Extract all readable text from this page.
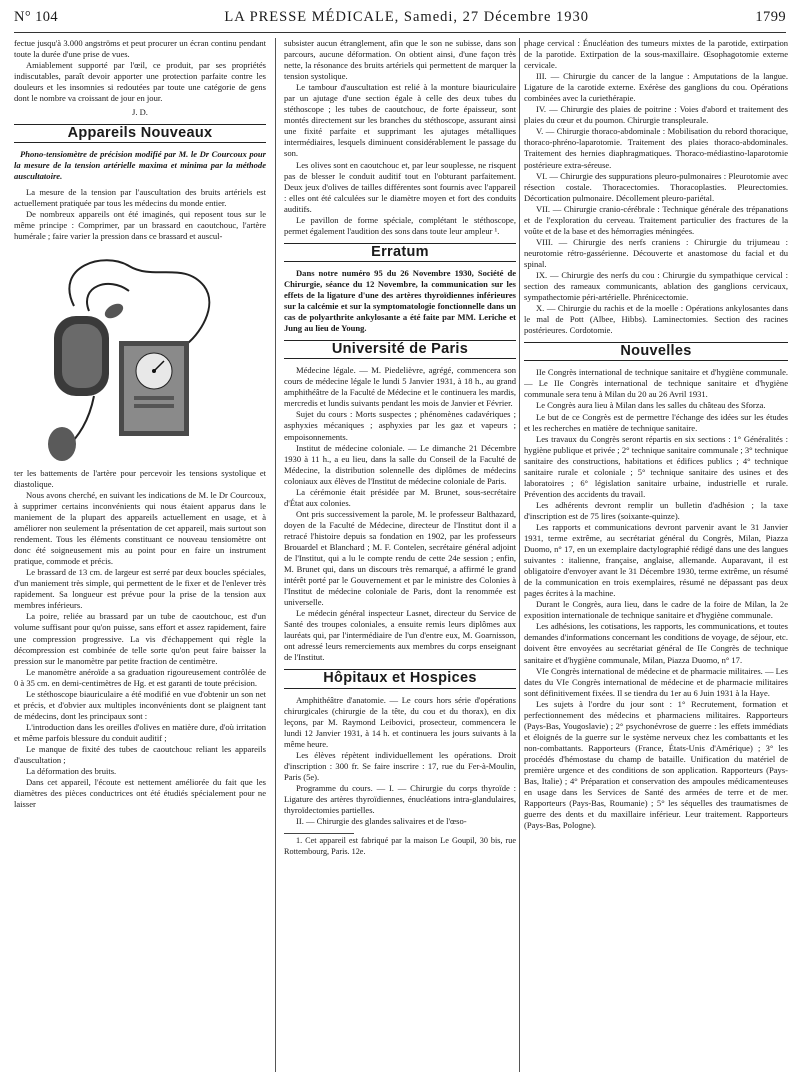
N° 104	LA PRESSE MÉDICALE, Samedi, 27 Décembre 1930	1799

fectue jusqu'à 3.000 angströms et peut procurer un écran continu pendant toute la durée d'une prise de vues.

Amiablement supporté par l'œil, ce produit, par ses propriétés indiscutables, paraît devoir apporter une protection parfaite contre les douleurs et les insomnies si redoutées par toute une catégorie de gens dont le nombre va croissant de jour en jour.

J. D.

Appareils Nouveaux

Phono-tensiomètre de précision modifié par M. le Dr Courcoux pour la mesure de la tension artérielle maxima et minima par la méthode auscultatoire.

La mesure de la tension par l'auscultation des bruits artériels est actuellement pratiquée par tous les médecins du monde entier.

De nombreux appareils ont été imaginés, qui reposent tous sur le même principe : Comprimer, par un brassard en caoutchouc, l'artère humérale ; faire varier la pression dans ce brassard et auscul-

ter les battements de l'artère pour percevoir les tensions systolique et diastolique.

Nous avons cherché, en suivant les indications de M. le Dr Courcoux, à supprimer certains inconvénients qui nous étaient apparus dans le maniement de la plupart des appareils actuellement en usage, et à améliorer non seulement la présentation de cet appareil, mais surtout son rendement. Tous les éléments constituant ce nouveau tensiomètre ont donc été soigneusement mis au point pour en faire un instrument pratique, commode et précis.

Le brassard de 13 cm. de largeur est serré par deux boucles spéciales, d'un maniement très simple, qui permettent de le fixer et de l'enlever très rapidement. Sa longueur est prévue pour la prise de la tension aux membres inférieurs.

La poire, reliée au brassard par un tube de caoutchouc, est d'un volume suffisant pour qu'on puisse, sans effort et assez rapidement, faire une compression progressive. La vis d'échappement qui règle la décompression est combinée de telle sorte qu'on peut faire baisser la pression sur le manomètre par petite fraction de centimètre.

Le manomètre anéroïde a sa graduation rigoureusement contrôlée de 0 à 35 cm. en demi-centimètres de Hg. et est garanti de toute précision.

Le stéthoscope biauriculaire a été modifié en vue d'obtenir un son net et précis, et d'obvier aux multiples inconvénients dont se plaignent tant de médecins, dont les principaux sont :

L'introduction dans les oreilles d'olives en matière dure, d'où irritation et même parfois blessure du conduit auditif ;

Le manque de fixité des tubes de caoutchouc reliant les appareils d'auscultation ;

La déformation des bruits.

Dans cet appareil, l'écoute est nettement améliorée du fait que les diamètres des pièces conductrices ont été étudiés spécialement pour ne laisser

subsister aucun étranglement, afin que le son ne subisse, dans son parcours, aucune déformation. On obtient ainsi, d'une façon très nette, la résonance des bruits artériels qui permettent de marquer la tension systolique.

Le tambour d'auscultation est relié à la monture biauriculaire par un ajutage d'une section égale à celle des deux tubes du stéthoscope ; les tubes de caoutchouc, de forte épaisseur, sont montés directement sur les branches du stéthoscope, assurant ainsi une fixité parfaite et supprimant les ajutages métalliques intermédiaires, lesquels diminuent considérablement le passage du son.

Les olives sont en caoutchouc et, par leur souplesse, ne risquent pas de blesser le conduit auditif tout en l'obturant parfaitement. Deux jeux d'olives de tailles différentes sont fournis avec l'appareil : elles ont été calculées sur le diamètre moyen et fort des conduits auditifs.

Le pavillon de forme spéciale, complétant le stéthoscope, permet également l'audition des sons dans toute leur ampleur ¹.

Erratum

Dans notre numéro 95 du 26 Novembre 1930, Société de Chirurgie, séance du 12 Novembre, la communication sur les effets de la ligature d'une des artères thyroïdiennes inférieures sur la calcémie et sur la symptomatologie fonctionnelle dans un cas de polyarthrite ankylosante a été faite par MM. Leriche et Jung au lieu de Young.

Université de Paris

Médecine légale. — M. Piedelièvre, agrégé, commencera son cours de médecine légale le lundi 5 Janvier 1931, à 18 h., au grand amphithéâtre de la Faculté de Médecine et le continuera les mardis, mercredis et lundis suivants pendant les mois de Janvier et Février.

Sujet du cours : Morts suspectes ; phénomènes cadavériques ; asphyxies mécaniques ; asphyxies par les gaz et vapeurs ; empoisonnements.

Institut de médecine coloniale. — Le dimanche 21 Décembre 1930 à 11 h., a eu lieu, dans la salle du Conseil de la Faculté de Médecine, la distribution solennelle des diplômes de médecins coloniaux aux élèves de l'Institut de médecine coloniale de Paris.

La cérémonie était présidée par M. Brunet, sous-secrétaire d'État aux colonies.

Ont pris successivement la parole, M. le professeur Balthazard, doyen de la Faculté de Médecine, directeur de l'Institut dont il a retracé l'histoire depuis sa fondation en 1902, par les professeurs Brouardel et Blanchard ; M. F. Contelen, secrétaire général adjoint de l'Institut, qui a lu le compte rendu de cette 24e session ; enfin, M. Brunet qui, dans un discours très remarqué, a affirmé le grand intérêt porté par le Gouvernement et par le ministre des Colonies à l'Institut de médecine coloniale de Paris, dont la renommée est universelle.

Le médecin général inspecteur Lasnet, directeur du Service de Santé des troupes coloniales, a ensuite remis leurs diplômes aux lauréats qui, par l'intermédiaire de l'un d'entre eux, M. Goarnisson, ont adressé leurs remerciements aux membres du corps enseignant de l'Institut.

Hôpitaux et Hospices

Amphithéâtre d'anatomie. — Le cours hors série d'opérations chirurgicales (chirurgie de la tête, du cou et du thorax), en dix leçons, par M. Raymond Leibovici, prosecteur, commencera le lundi 12 Janvier 1931, à 14 h. et continuera les jours suivants à la même heure.

Les élèves répètent individuellement les opérations. Droit d'inscription : 300 fr. Se faire inscrire : 17, rue du Fer-à-Moulin, Paris (5e).

Programme du cours. — I. — Chirurgie du corps thyroïde : Ligature des artères thyroïdiennes, énucléations intra-glandulaires, thyroïdectomies partielles.

II. — Chirurgie des glandes salivaires et de l'œso-

1. Cet appareil est fabriqué par la maison Le Goupil, 30 bis, rue Rottembourg, Paris. 12e.

phage cervical : Énucléation des tumeurs mixtes de la parotide, extirpation de la parotide. Extirpation de la sous-maxillaire. Œsophagotomie externe cervicale.

III. — Chirurgie du cancer de la langue : Amputations de la langue. Ligature de la carotide externe. Exérèse des ganglions du cou. Opérations combinées avec la curiethérapie.

IV. — Chirurgie des plaies de poitrine : Voies d'abord et traitement des plaies du cœur et du poumon. Chirurgie transpleurale.

V. — Chirurgie thoraco-abdominale : Mobilisation du rebord thoracique, thoraco-phréno-laparotomie. Traitement des plaies thoraco-abdominales. Traitement des hernies diaphragmatiques. Thoraco-médiastino-laparotomie postérieure extra-séreuse.

VI. — Chirurgie des suppurations pleuro-pulmonaires : Pleurotomie avec résection costale. Thoracectomies. Thoracoplasties. Pleurectomies. Décortication pulmonaire. Décollement pleuro-pariétal.

VII. — Chirurgie cranio-cérébrale : Technique générale des trépanations et de l'exploration du cerveau. Traitement particulier des fractures de la voûte et de la base et des hémorragies méningées.

VIII. — Chirurgie des nerfs craniens : Chirurgie du trijumeau : neurotomie rétro-gassérienne. Découverte et anastomose du facial et du spinal.

IX. — Chirurgie des nerfs du cou : Chirurgie du sympathique cervical : section des rameaux communicants, ablation des ganglions cervicaux, sympathectomie péri-artérielle. Phrénicectomie.

X. — Chirurgie du rachis et de la moelle : Opérations ankylosantes dans le mal de Pott (Albee, Hibbs). Laminectomies. Section des racines postérieures. Cordotomie.

Nouvelles

IIe Congrès international de technique sanitaire et d'hygiène communale. — Le IIe Congrès international de technique sanitaire et d'hygiène communale sera tenu à Milan du 20 au 26 Avril 1931.

Le Congrès aura lieu à Milan dans les salles du château des Sforza.

Le but de ce Congrès est de permettre l'échange des idées sur les études et les recherches en matière de technique sanitaire.

Les travaux du Congrès seront répartis en six sections : 1° Généralités : hygiène publique et privée ; 2° technique sanitaire communale ; 3° technique sanitaire des constructions, habitations et édifices publics ; 4° technique sanitaire rurale et coloniale ; 5° technique sanitaire des usines et des laboratoires ; 6° législation sanitaire urbaine, industrielle et rurale. Prévention des accidents du travail.

Les adhérents devront remplir un bulletin d'adhésion ; la taxe d'inscription est de 75 lires (soixante-quinze).

Les rapports et communications devront parvenir avant le 31 Janvier 1931, terme extrême, au secrétariat général du Congrès, Milan, Piazza Duomo, n° 17, en un exemplaire dactylographié rédigé dans une des langues suivantes : italienne, française, anglaise, allemande. Auparavant, il est obligatoire d'envoyer avant le 31 Décembre 1930, terme extrême, un résumé de la communication en trois exemplaires, résumé ne dépassant pas deux pages écrites à la machine.

Durant le Congrès, aura lieu, dans le cadre de la foire de Milan, la 2e exposition internationale de technique sanitaire et d'hygiène communale.

Les adhésions, les cotisations, les rapports, les communications, et toutes demandes d'informations concernant les conditions de voyage, de séjour, etc. doivent être envoyées au secrétariat général de IIe Congrès de technique sanitaire et d'hygiène communale, Milan, Piazza Duomo, n° 17.

VIe Congrès international de médecine et de pharmacie militaires. — Les dates du VIe Congrès international de médecine et de pharmacie militaires sont définitivement fixées. Il se tiendra du 1er au 6 Juin 1931 à la Haye.

Les sujets à l'ordre du jour sont : 1° Recrutement, formation et perfectionnement des médecins et pharmaciens militaires. Rapporteurs (Pays-Bas, Yougoslavie) ; 2° psychonévrose de guerre : les effets immédiats et éloignés de la guerre sur le système nerveux chez les combattants et les non-combattants. Rapporteurs (France, États-Unis d'Amérique) ; 3° les procédés d'hémostase du champ de bataille. Unification du matériel de première urgence et des conditions de son application. Rapporteurs (Pays-Bas, Italie) ; 4° Préparation et conservation des ampoules médicamenteuses en usage dans les Services de Santé des armées de terre et de mer. Rapporteurs (Pays-Bas, Roumanie) ; 5° les séquelles des traumatismes de guerre des dents et du maxillaire inférieur. Leur traitement. Rapporteurs (Pays-Bas, Pologne).
